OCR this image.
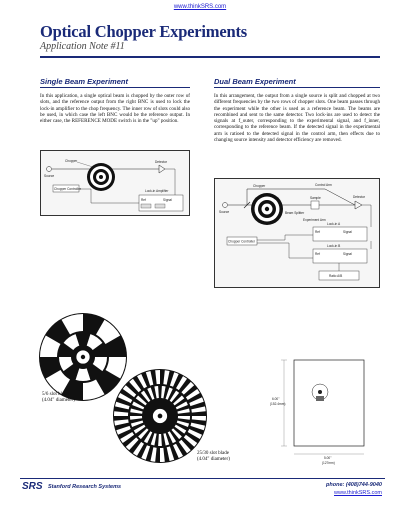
www.thinkSRS.com
Optical Chopper Experiments
Application Note #11
Single Beam Experiment
In this application, a single optical beam is chopped by the outer row of slots, and the reference output from the right BNC is used to lock the lock-in amplifier to the chop frequency. The inner row of slots could also be used, in which case the left BNC would be the reference output. In either case, the REFERENCE MODE switch is in the "up" position.
Source
Chopper	Detector
Chopper Controller	Lock-in Amplifier
Ref	Signal
Dual Beam Experiment
In this arrangement, the output from a single source is split and chopped at two different frequencies by the two rows of chopper slots. One beam passes through the experiment while the other is used as a reference beam. The beams are recombined and sent to the same detector. Two lock-ins are used to detect the signals at f_outer, corresponding to the experimental signal, and f_inner, corresponding to the reference beam. If the detected signal in the experimental arm is ratioed to the detected signal in the control arm, then effects due to changing source intensity and detector efficiency are removed.
Source	Beam Splitter
Chopper	Control Arm
Sample
Experiment Arm
Detector
Chopper Controller
Lock-in A
Ref	Signal
Lock-in B
Ref	Signal
Ratio A/B
5/6 slot blade
(4.04" diameter)
25/30 slot blade
(4.04" diameter)
6.00"
(152.4mm)
5.00"
(127mm)
SRS Stanford Research Systems	phone: (408)744-9040
www.thinkSRS.com
